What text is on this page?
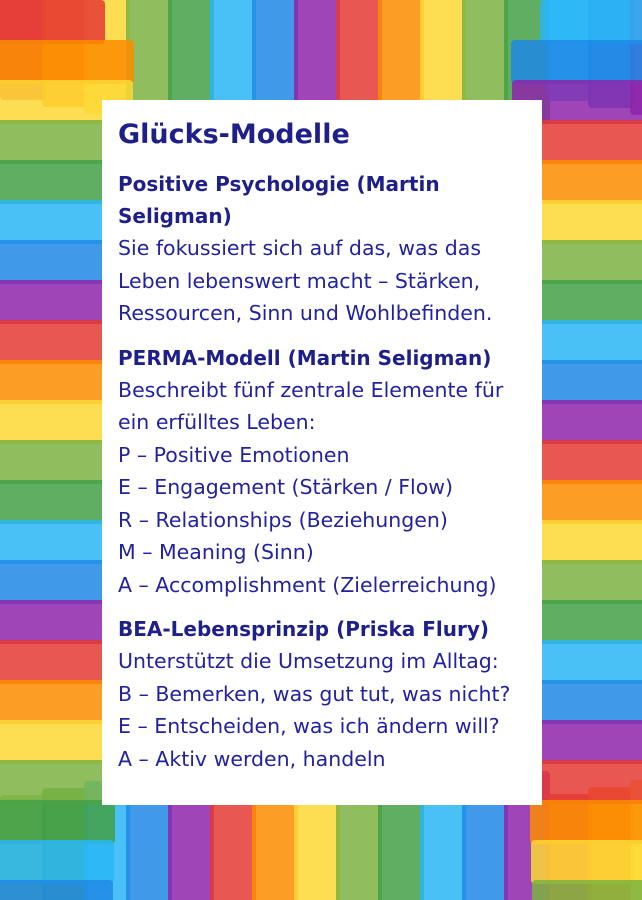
Glücks-Modelle

Positive Psychologie (Martin

Seligman)

Sie fokussiert sich auf das, was das

Leben lebenswert macht – Stärken,

Ressourcen, Sinn und Wohlbefinden.

PERMA-Modell (Martin Seligman)

Beschreibt fünf zentrale Elemente für

ein erfülltes Leben:

P – Positive Emotionen

E – Engagement (Stärken / Flow)

R – Relationships (Beziehungen)

M – Meaning (Sinn)

A – Accomplishment (Zielerreichung)

BEA-Lebensprinzip (Priska Flury)

Unterstützt die Umsetzung im Alltag:

B – Bemerken, was gut tut, was nicht?

E – Entscheiden, was ich ändern will?

A – Aktiv werden, handeln
